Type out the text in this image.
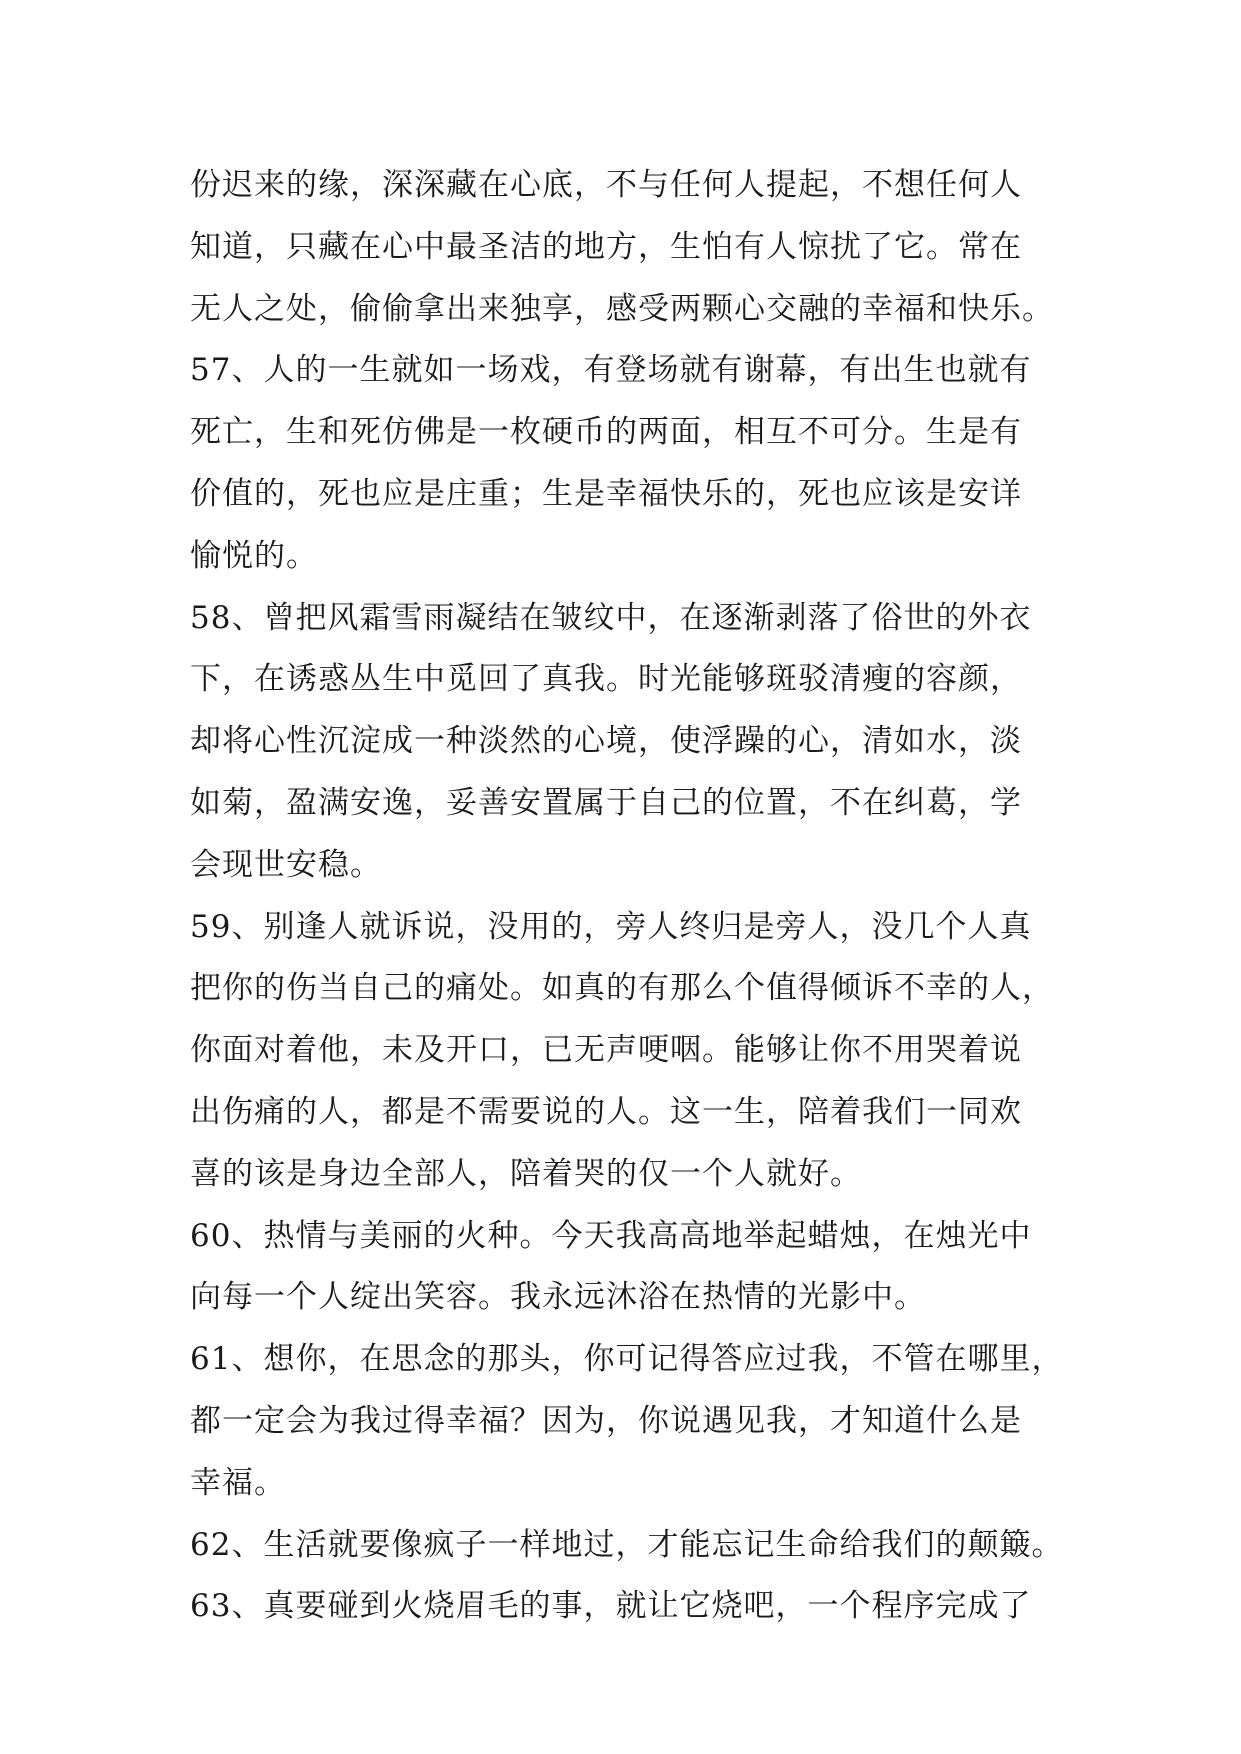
份迟来的缘，深深藏在心底，不与任何人提起，不想任何人
知道，只藏在心中最圣洁的地方，生怕有人惊扰了它。常在
无人之处，偷偷拿出来独享，感受两颗心交融的幸福和快乐。
57、人的一生就如一场戏，有登场就有谢幕，有出生也就有
死亡，生和死仿佛是一枚硬币的两面，相互不可分。生是有
价值的，死也应是庄重；生是幸福快乐的，死也应该是安详
愉悦的。
58、曾把风霜雪雨凝结在皱纹中，在逐渐剥落了俗世的外衣
下，在诱惑丛生中觅回了真我。时光能够斑驳清瘦的容颜，
却将心性沉淀成一种淡然的心境，使浮躁的心，清如水，淡
如菊，盈满安逸，妥善安置属于自己的位置，不在纠葛，学
会现世安稳。
59、别逢人就诉说，没用的，旁人终归是旁人，没几个人真
把你的伤当自己的痛处。如真的有那么个值得倾诉不幸的人，
你面对着他，未及开口，已无声哽咽。能够让你不用哭着说
出伤痛的人，都是不需要说的人。这一生，陪着我们一同欢
喜的该是身边全部人，陪着哭的仅一个人就好。
60、热情与美丽的火种。今天我高高地举起蜡烛，在烛光中
向每一个人绽出笑容。我永远沐浴在热情的光影中。
61、想你，在思念的那头，你可记得答应过我，不管在哪里，
都一定会为我过得幸福？因为，你说遇见我，才知道什么是
幸福。
62、生活就要像疯子一样地过，才能忘记生命给我们的颠簸。
63、真要碰到火烧眉毛的事，就让它烧吧，一个程序完成了
